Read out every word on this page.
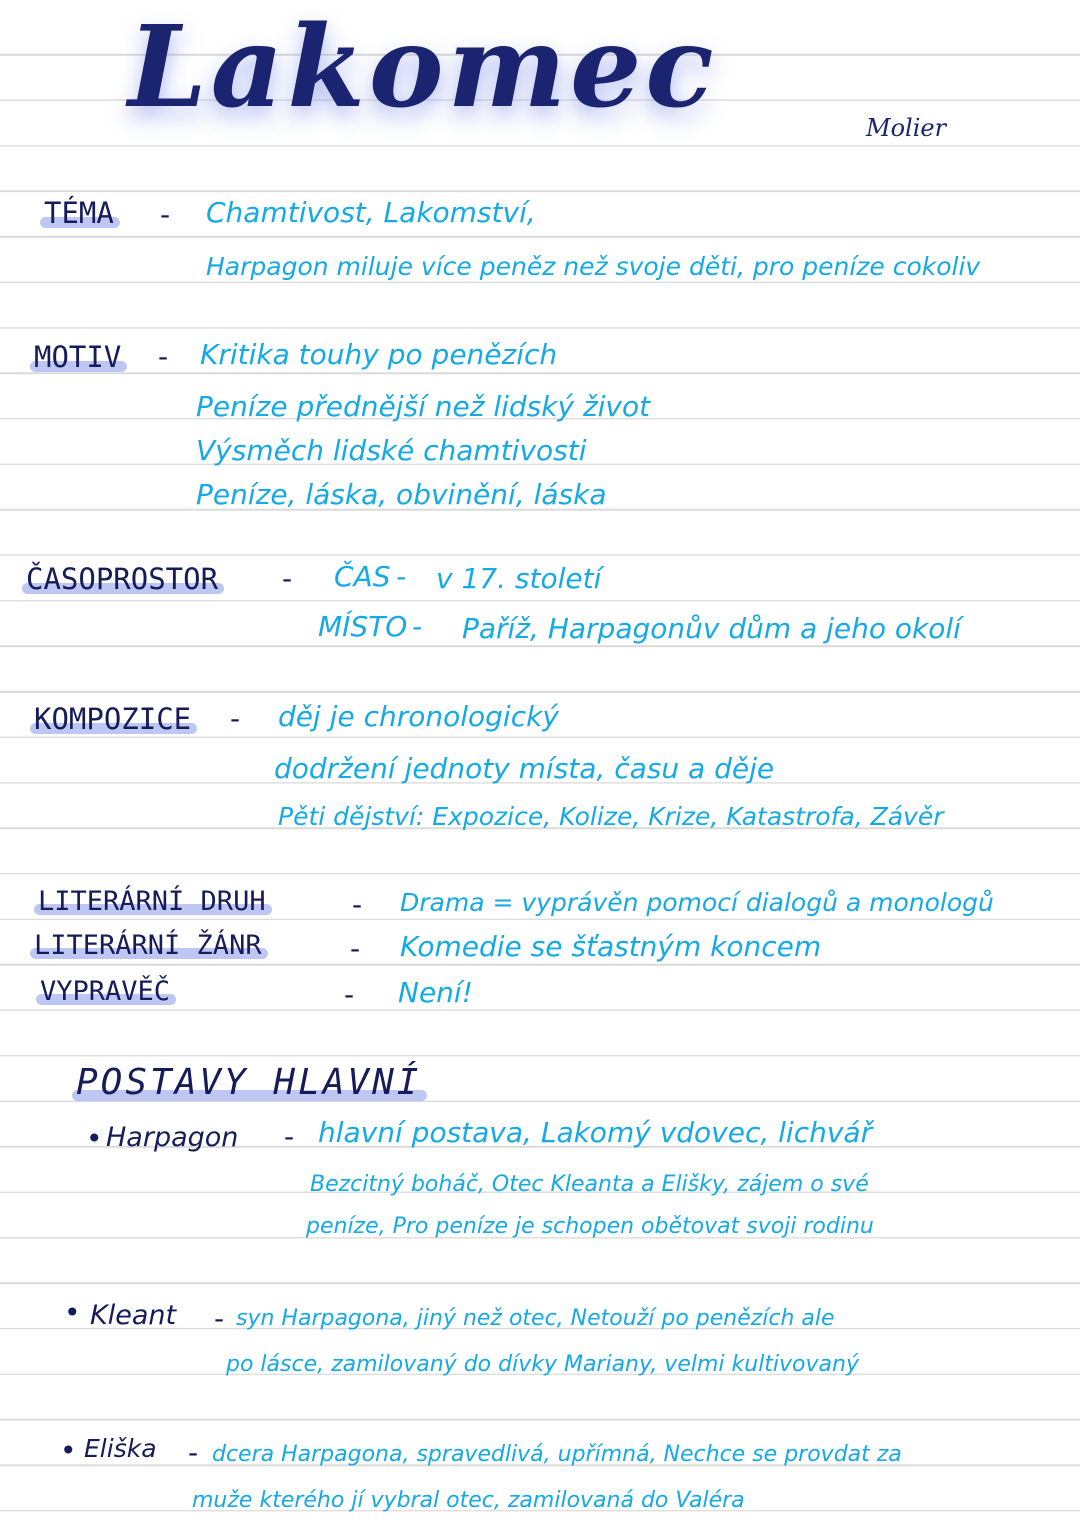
Lakomec	Molier
TÉMA - Chamtivost, Lakomství,
Harpagon miluje více peněz než svoje děti, pro peníze cokoliv
MOTIV - Kritika touhy po penězích
Peníze přednější než lidský život
Výsměch lidské chamtivosti
Peníze, láska, obvinění, láska
ČASOPROSTOR - ČAS - v 17. století
MÍSTO - Paříž, Harpagonův dům a jeho okolí
KOMPOZICE - děj je chronologický
dodržení jednoty místa, času a děje
Pěti dějství: Expozice, Kolize, Krize, Katastrofa, Závěr
LITERÁRNÍ DRUH	- Drama = vyprávěn pomocí dialogů a monologů
LITERÁRNÍ ŽÁNR	- Komedie se šťastným koncem
VYPRAVĚČ	- Není!
POSTAVY HLAVNÍ
• Harpagon - hlavní postava, Lakomý vdovec, lichvář
Bezcitný boháč, Otec Kleanta a Elišky, zájem o své
peníze, Pro peníze je schopen obětovat svoji rodinu
• Kleant - syn Harpagona, jiný než otec, Netouží po penězích ale
po lásce, zamilovaný do dívky Mariany, velmi kultivovaný
• Eliška - dcera Harpagona, spravedlivá, upřímná, Nechce se provdat za
muže kterého jí vybral otec, zamilovaná do Valéra
